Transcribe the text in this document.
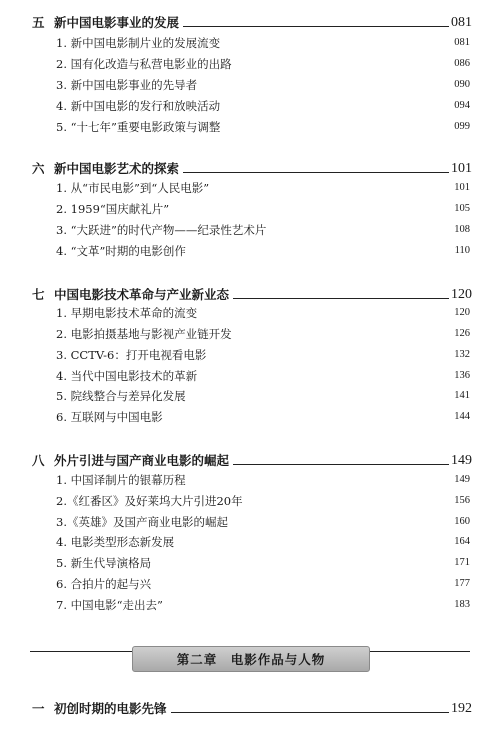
五 新中国电影事业的发展	081
1. 新中国电影制片业的发展流变	081
2. 国有化改造与私营电影业的出路	086
3. 新中国电影事业的先导者	090
4. 新中国电影的发行和放映活动	094
5. “十七年”重要电影政策与调整	099
六 新中国电影艺术的探索	101
1. 从“市民电影”到“人民电影”	101
2. 1959“国庆献礼片”	105
3. “大跃进”的时代产物——纪录性艺术片	108
4. “文革”时期的电影创作	110
七 中国电影技术革命与产业新业态	120
1. 早期电影技术革命的流变	120
2. 电影拍摄基地与影视产业链开发	126
3. CCTV-6：打开电视看电影	132
4. 当代中国电影技术的革新	136
5. 院线整合与差异化发展	141
6. 互联网与中国电影	144
八 外片引进与国产商业电影的崛起	149
1. 中国译制片的银幕历程	149
2.《红番区》及好莱坞大片引进20年	156
3.《英雄》及国产商业电影的崛起	160
4. 电影类型形态新发展	164
5. 新生代导演格局	171
6. 合拍片的起与兴	177
7. 中国电影“走出去”	183
第二章　电影作品与人物
一 初创时期的电影先锋	192
